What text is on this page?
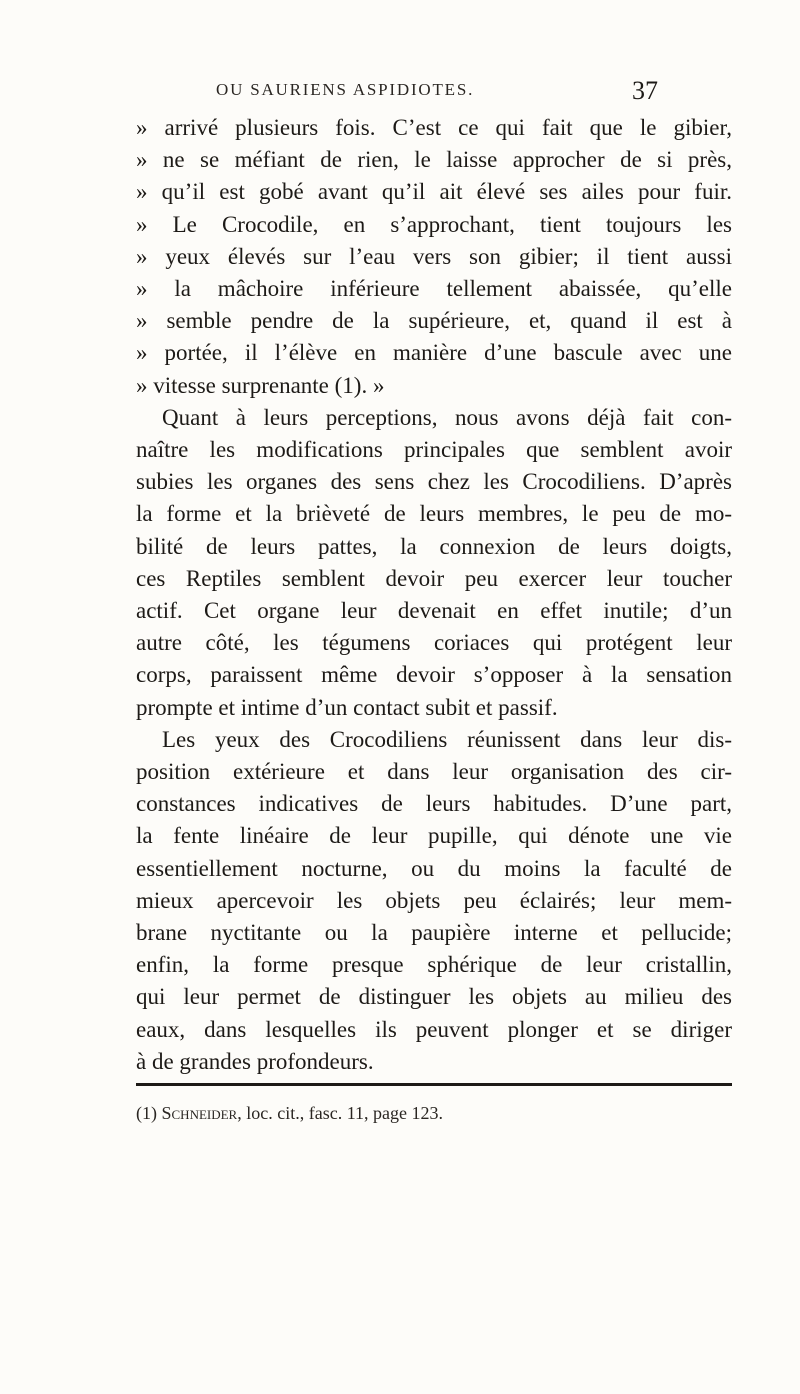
OU SAURIENS ASPIDIOTES.	37
» arrivé plusieurs fois. C’est ce qui fait que le gibier,
» ne se méfiant de rien, le laisse approcher de si près,
» qu’il est gobé avant qu’il ait élevé ses ailes pour fuir.
» Le Crocodile, en s’approchant, tient toujours les
» yeux élevés sur l’eau vers son gibier; il tient aussi
» la mâchoire inférieure tellement abaissée, qu’elle
» semble pendre de la supérieure, et, quand il est à
» portée, il l’élève en manière d’une bascule avec une
» vitesse surprenante (1). »
Quant à leurs perceptions, nous avons déjà fait con-
naître les modifications principales que semblent avoir
subies les organes des sens chez les Crocodiliens. D’après
la forme et la brièveté de leurs membres, le peu de mo-
bilité de leurs pattes, la connexion de leurs doigts,
ces Reptiles semblent devoir peu exercer leur toucher
actif. Cet organe leur devenait en effet inutile; d’un
autre côté, les tégumens coriaces qui protégent leur
corps, paraissent même devoir s’opposer à la sensation
prompte et intime d’un contact subit et passif.
Les yeux des Crocodiliens réunissent dans leur dis-
position extérieure et dans leur organisation des cir-
constances indicatives de leurs habitudes. D’une part,
la fente linéaire de leur pupille, qui dénote une vie
essentiellement nocturne, ou du moins la faculté de
mieux apercevoir les objets peu éclairés; leur mem-
brane nyctitante ou la paupière interne et pellucide;
enfin, la forme presque sphérique de leur cristallin,
qui leur permet de distinguer les objets au milieu des
eaux, dans lesquelles ils peuvent plonger et se diriger
à de grandes profondeurs.
(1) Schneider, loc. cit., fasc. 11, page 123.
